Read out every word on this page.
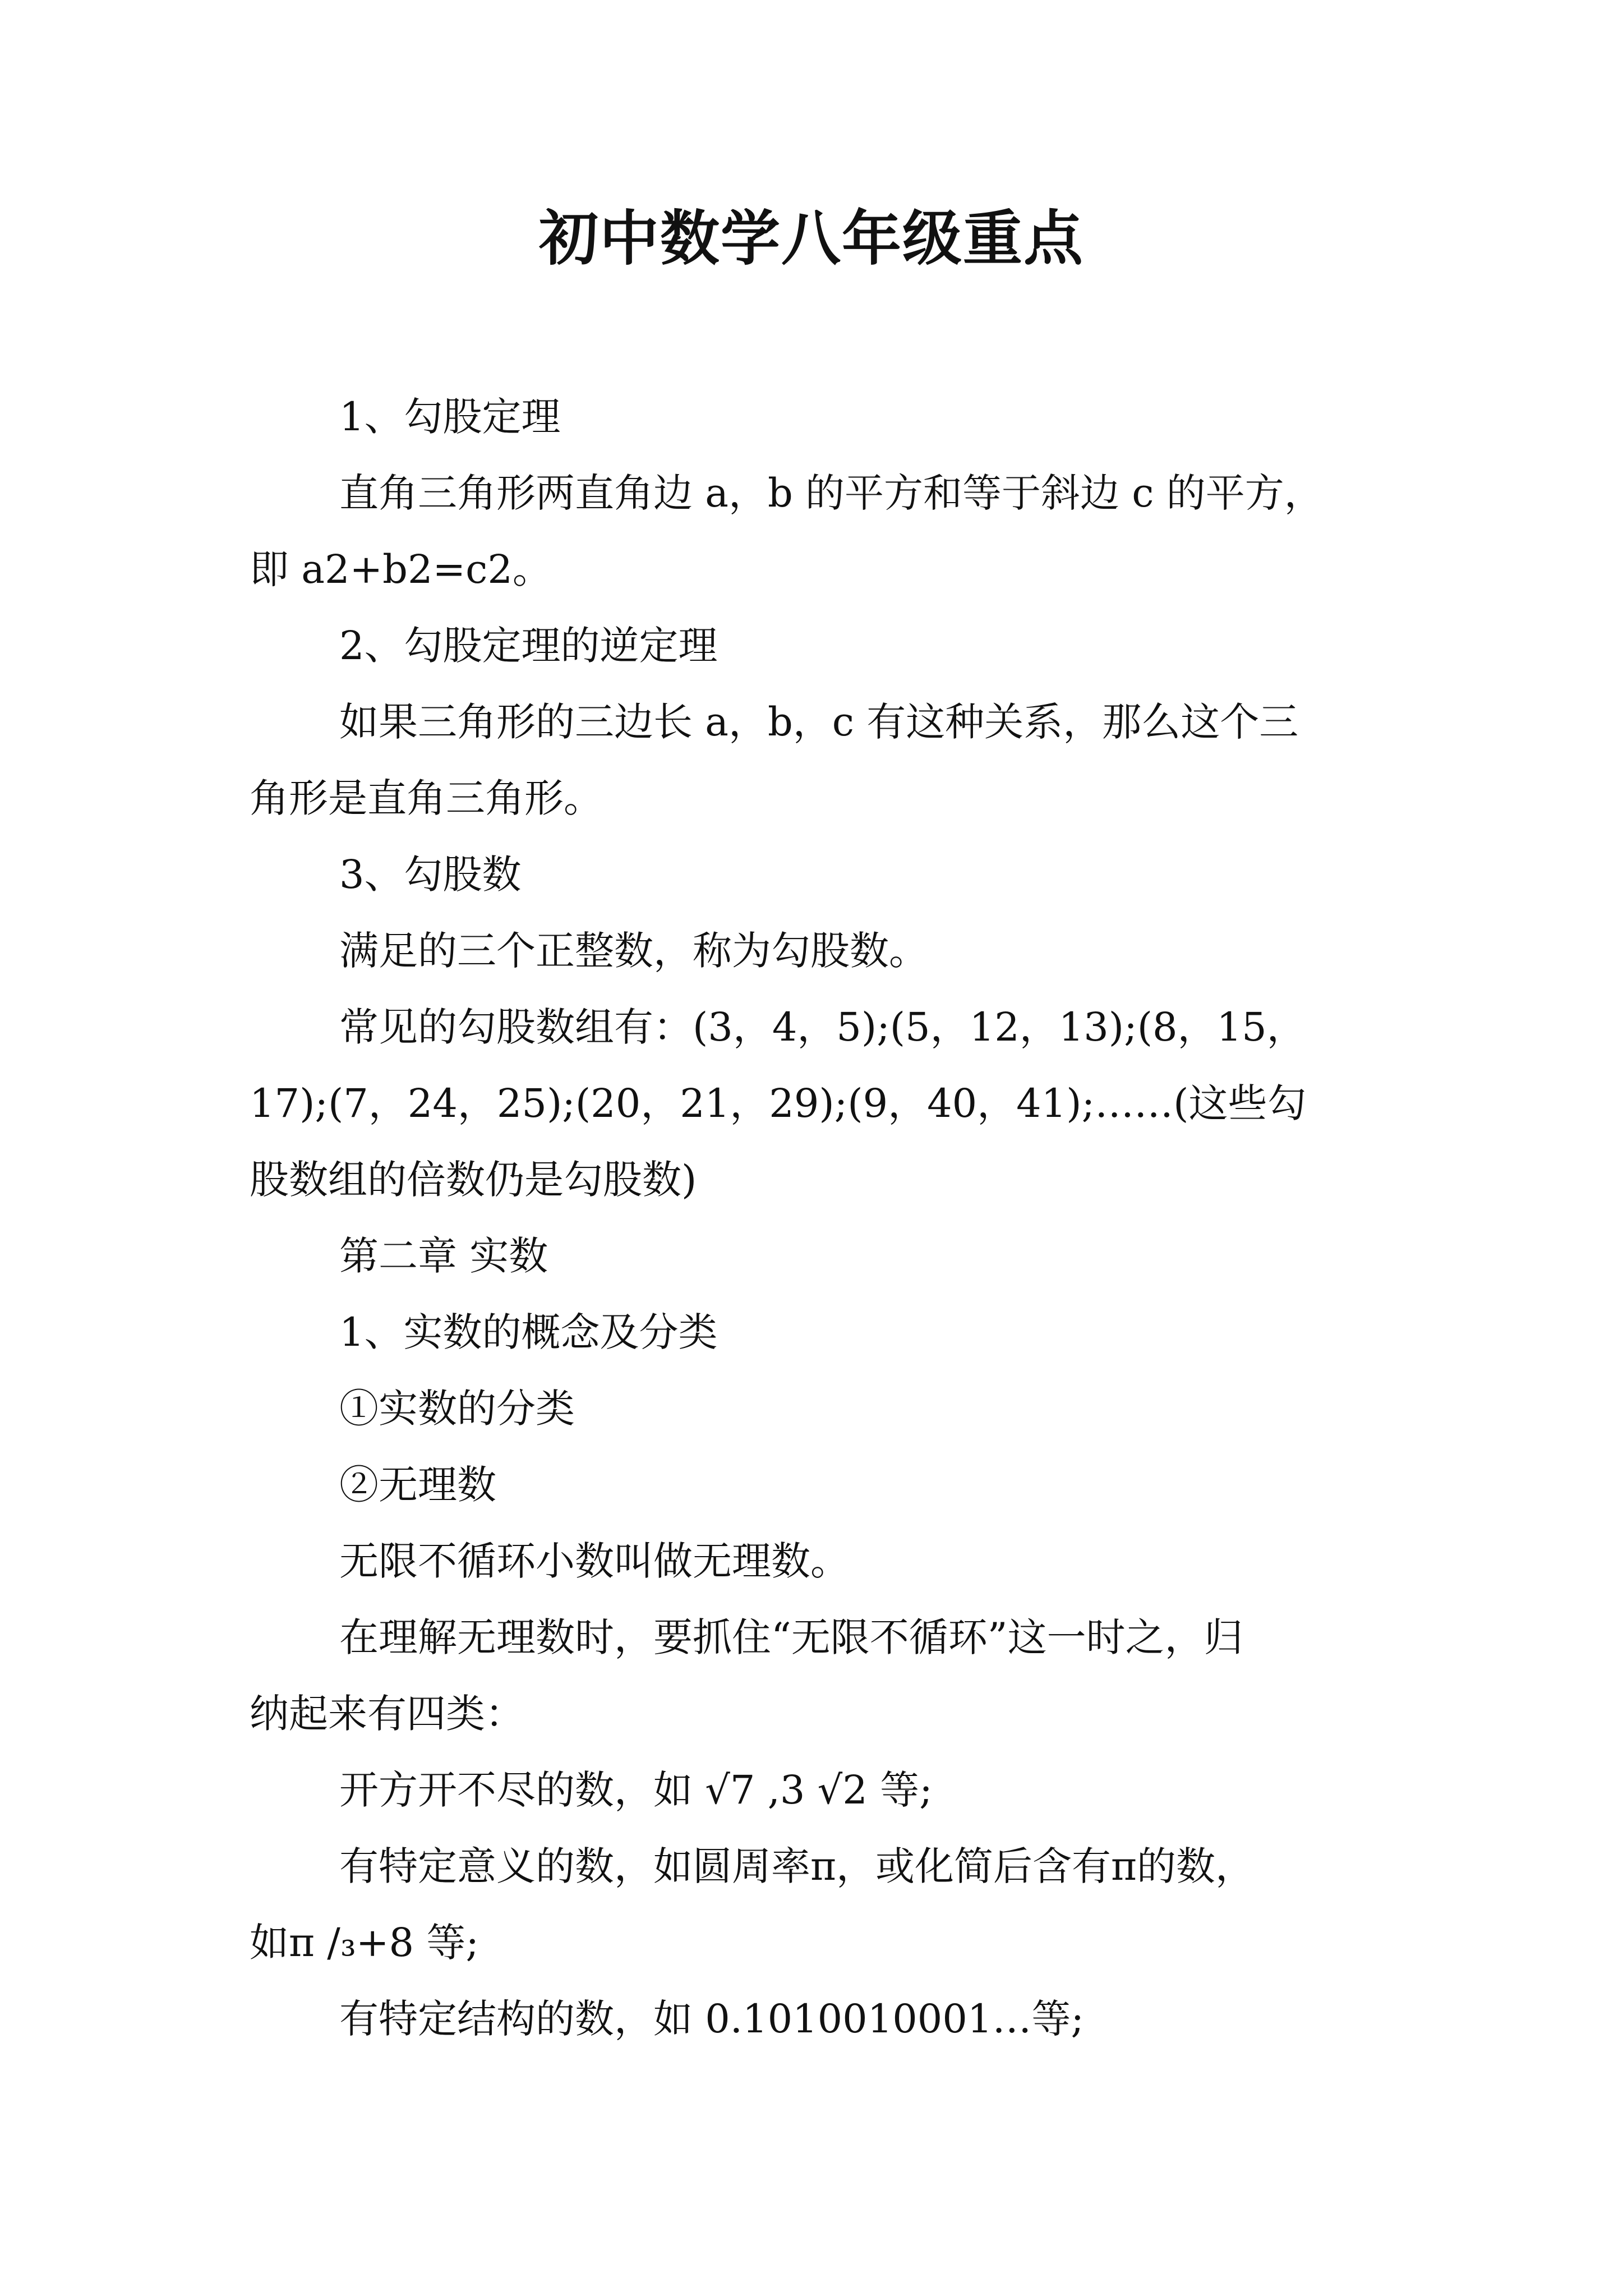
初中数学八年级重点
1、勾股定理
直角三角形两直角边 a，b 的平方和等于斜边 c 的平方，
即 a2+b2=c2。
2、勾股定理的逆定理
如果三角形的三边长 a，b，c 有这种关系，那么这个三
角形是直角三角形。
3、勾股数
满足的三个正整数，称为勾股数。
常见的勾股数组有：(3，4，5);(5，12，13);(8，15，
17);(7，24，25);(20，21，29);(9，40，41);……(这些勾
股数组的倍数仍是勾股数)
第二章 实数
1、实数的概念及分类
①实数的分类
②无理数
无限不循环小数叫做无理数。
在理解无理数时，要抓住“无限不循环”这一时之，归
纳起来有四类：
开方开不尽的数，如 √7 ,3 √2 等;
有特定意义的数，如圆周率π，或化简后含有π的数，
如π /₃+8 等;
有特定结构的数，如 0.1010010001…等;
